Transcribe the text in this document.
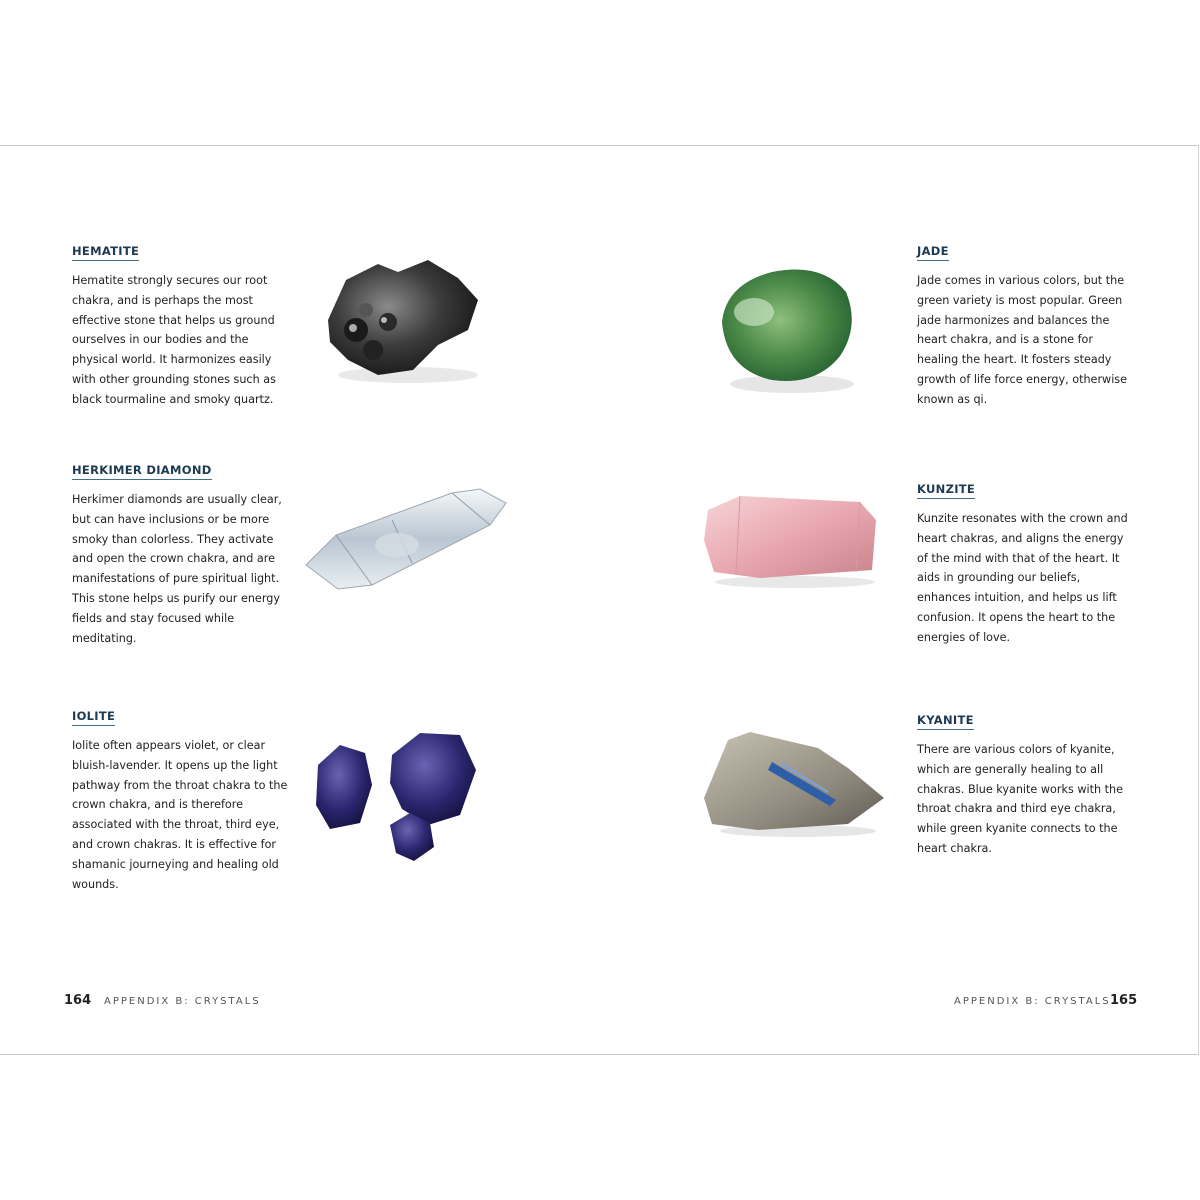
HEMATITE

Hematite strongly secures our root chakra, and is perhaps the most effective stone that helps us ground ourselves in our bodies and the physical world. It harmonizes easily with other grounding stones such as black tourmaline and smoky quartz.

HERKIMER DIAMOND

Herkimer diamonds are usually clear, but can have inclusions or be more smoky than colorless. They activate and open the crown chakra, and are manifestations of pure spiritual light. This stone helps us purify our energy fields and stay focused while meditating.

IOLITE

Iolite often appears violet, or clear bluish-lavender. It opens up the light pathway from the throat chakra to the crown chakra, and is therefore associated with the throat, third eye, and crown chakras. It is effective for shamanic journeying and healing old wounds.

164 APPENDIX B: CRYSTALS
JADE

Jade comes in various colors, but the green variety is most popular. Green jade harmonizes and balances the heart chakra, and is a stone for healing the heart. It fosters steady growth of life force energy, otherwise known as qi.

KUNZITE

Kunzite resonates with the crown and heart chakras, and aligns the energy of the mind with that of the heart. It aids in grounding our beliefs, enhances intuition, and helps us lift confusion. It opens the heart to the energies of love.

KYANITE

There are various colors of kyanite, which are generally healing to all chakras. Blue kyanite works with the throat chakra and third eye chakra, while green kyanite connects to the heart chakra.

APPENDIX B: CRYSTALS 165
